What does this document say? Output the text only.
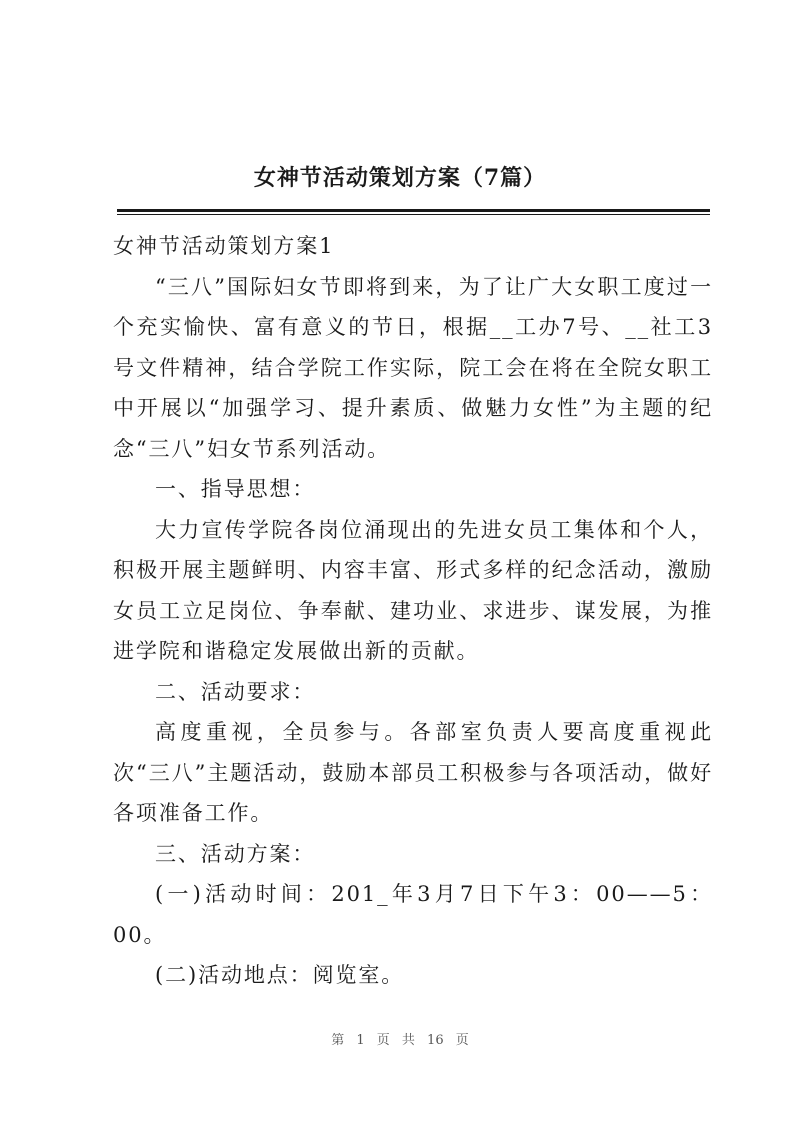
女神节活动策划方案（7篇）

女神节活动策划方案1

“三八”国际妇女节即将到来，为了让广大女职工度过一个充实愉快、富有意义的节日，根据__工办7号、__社工3号文件精神，结合学院工作实际，院工会在将在全院女职工中开展以“加强学习、提升素质、做魅力女性”为主题的纪念“三八”妇女节系列活动。

一、指导思想：

大力宣传学院各岗位涌现出的先进女员工集体和个人，积极开展主题鲜明、内容丰富、形式多样的纪念活动，激励女员工立足岗位、争奉献、建功业、求进步、谋发展，为推进学院和谐稳定发展做出新的贡献。

二、活动要求：

高度重视，全员参与。各部室负责人要高度重视此次“三八”主题活动，鼓励本部员工积极参与各项活动，做好各项准备工作。

三、活动方案：

(一)活动时间：201_年3月7日下午3：00——5：00。

(二)活动地点：阅览室。

第 1 页 共 16 页
